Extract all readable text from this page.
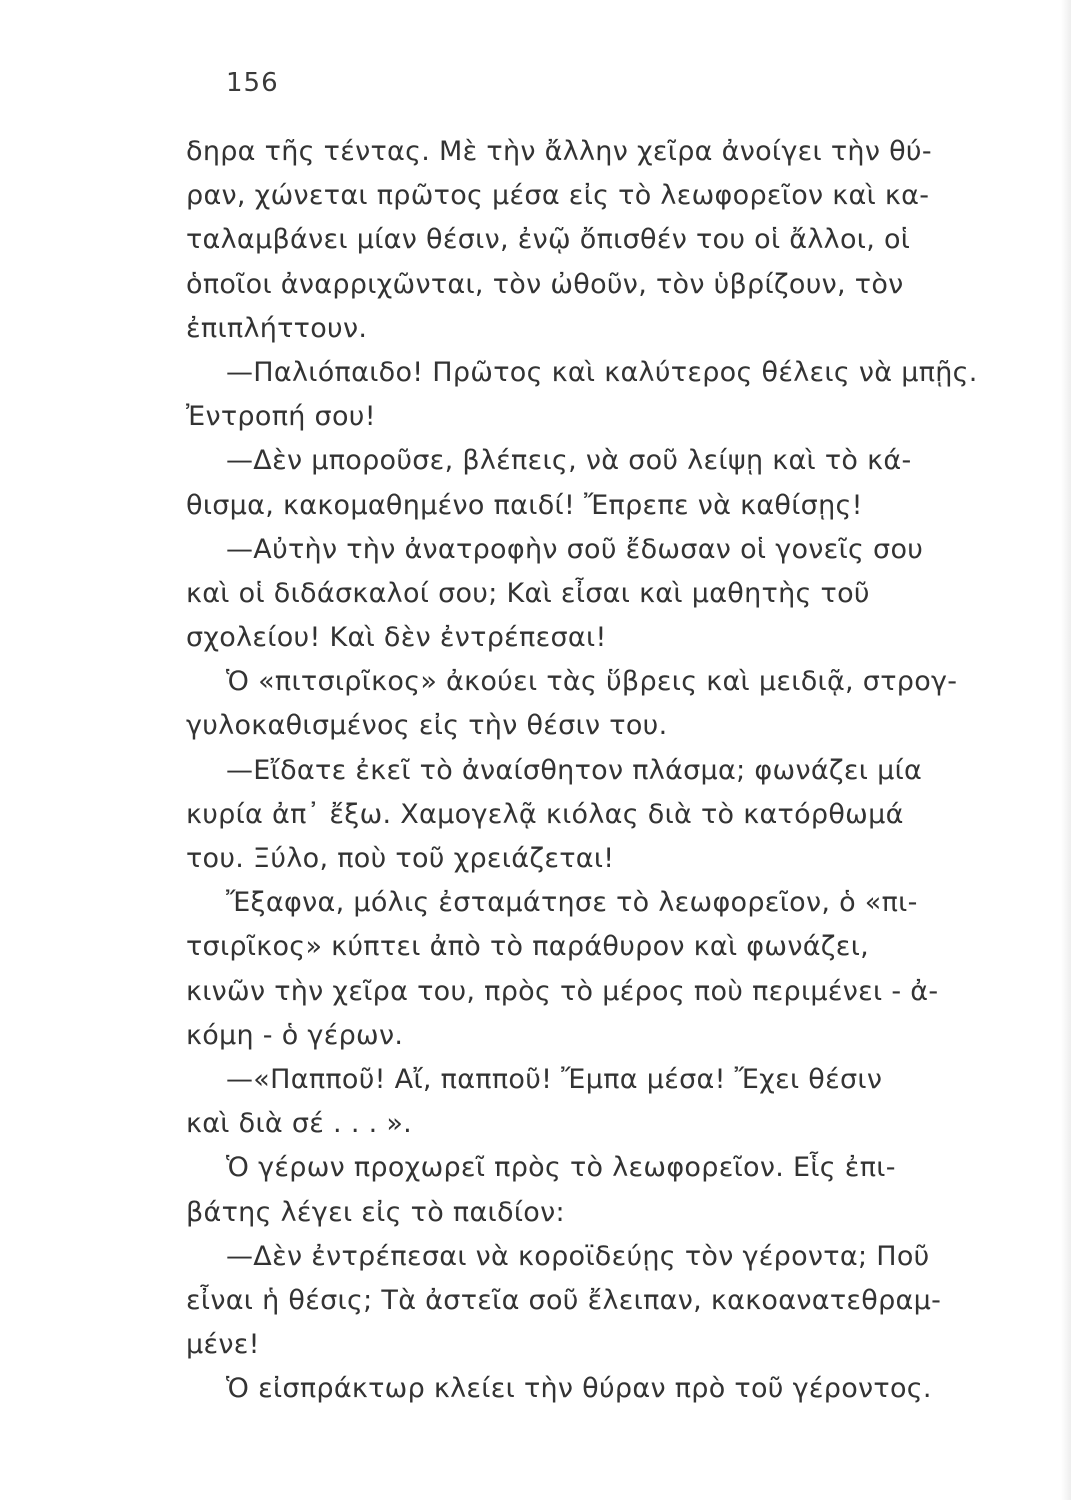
156
δηρα τῆς τέντας. Μὲ τὴν ἄλλην χεῖρα ἀνοίγει τὴν θύ-
ραν, χώνεται πρῶτος μέσα εἰς τὸ λεωφορεῖον καὶ κα-
ταλαμβάνει μίαν θέσιν, ἐνῷ ὄπισθέν του οἱ ἄλλοι, οἱ
ὁποῖοι ἀναρριχῶνται, τὸν ὠθοῦν, τὸν ὑβρίζουν, τὸν
ἐπιπλήττουν.
—Παλιόπαιδο! Πρῶτος καὶ καλύτερος θέλεις νὰ μπῇς.
Ἐντροπή σου!
—Δὲν μποροῦσε, βλέπεις, νὰ σοῦ λείψῃ καὶ τὸ κά-
θισμα, κακομαθημένο παιδί! Ἔπρεπε νὰ καθίσῃς!
—Αὐτὴν τὴν ἀνατροφὴν σοῦ ἔδωσαν οἱ γονεῖς σου
καὶ οἱ διδάσκαλοί σου; Καὶ εἶσαι καὶ μαθητὴς τοῦ
σχολείου! Καὶ δὲν ἐντρέπεσαι!
Ὁ «πιτσιρῖκος» ἀκούει τὰς ὕβρεις καὶ μειδιᾷ, στρογ-
γυλοκαθισμένος εἰς τὴν θέσιν του.
—Εἴδατε ἐκεῖ τὸ ἀναίσθητον πλάσμα; φωνάζει μία
κυρία ἀπ᾽ ἔξω. Χαμογελᾷ κιόλας διὰ τὸ κατόρθωμά
του. Ξύλο, ποὺ τοῦ χρειάζεται!
Ἔξαφνα, μόλις ἐσταμάτησε τὸ λεωφορεῖον, ὁ «πι-
τσιρῖκος» κύπτει ἀπὸ τὸ παράθυρον καὶ φωνάζει,
κινῶν τὴν χεῖρα του, πρὸς τὸ μέρος ποὺ περιμένει - ἀ-
κόμη - ὁ γέρων.
—«Παπποῦ! Αἴ, παπποῦ! Ἔμπα μέσα! Ἔχει θέσιν
καὶ διὰ σέ . . . ».
Ὁ γέρων προχωρεῖ πρὸς τὸ λεωφορεῖον. Εἷς ἐπι-
βάτης λέγει εἰς τὸ παιδίον:
—Δὲν ἐντρέπεσαι νὰ κοροϊδεύῃς τὸν γέροντα; Ποῦ
εἶναι ἡ θέσις; Τὰ ἀστεῖα σοῦ ἔλειπαν, κακοανατεθραμ-
μένε!
Ὁ εἰσπράκτωρ κλείει τὴν θύραν πρὸ τοῦ γέροντος.
